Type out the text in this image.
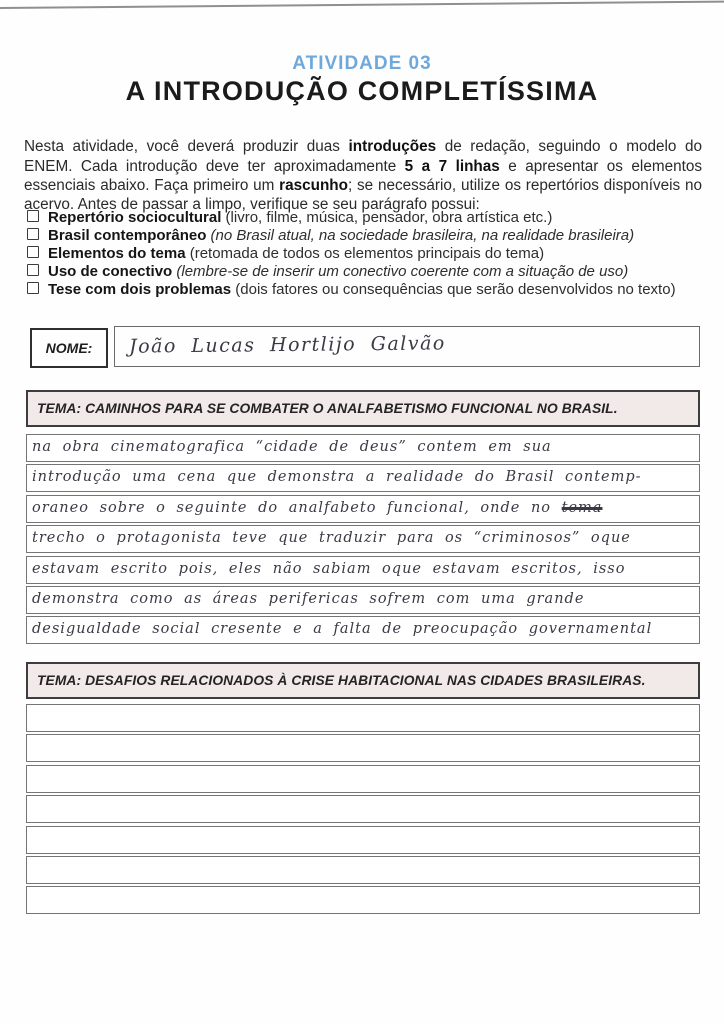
ATIVIDADE 03
A INTRODUÇÃO COMPLETÍSSIMA

Nesta atividade, você deverá produzir duas introduções de redação, seguindo o modelo do ENEM. Cada introdução deve ter aproximadamente 5 a 7 linhas e apresentar os elementos essenciais abaixo. Faça primeiro um rascunho; se necessário, utilize os repertórios disponíveis no acervo. Antes de passar a limpo, verifique se seu parágrafo possui:

Repertório sociocultural (livro, filme, música, pensador, obra artística etc.)
Brasil contemporâneo (no Brasil atual, na sociedade brasileira, na realidade brasileira)
Elementos do tema (retomada de todos os elementos principais do tema)
Uso de conectivo (lembre-se de inserir um conectivo coerente com a situação de uso)
Tese com dois problemas (dois fatores ou consequências que serão desenvolvidos no texto)
NOME: João Lucas Hortlijo Galvão
TEMA: CAMINHOS PARA SE COMBATER O ANALFABETISMO FUNCIONAL NO BRASIL.
na obra cinematografica “cidade de deus” contem em sua
introdução uma cena que demonstra a realidade do Brasil contemp-
oraneo sobre o seguinte do analfabeto funcional, onde no tema
trecho o protagonista teve que traduzir para os “criminosos” oque
estavam escrito pois, eles não sabiam oque estavam escritos, isso
demonstra como as áreas perifericas sofrem com uma grande
desigualdade social cresente e a falta de preocupação governamental
TEMA: DESAFIOS RELACIONADOS À CRISE HABITACIONAL NAS CIDADES BRASILEIRAS.
